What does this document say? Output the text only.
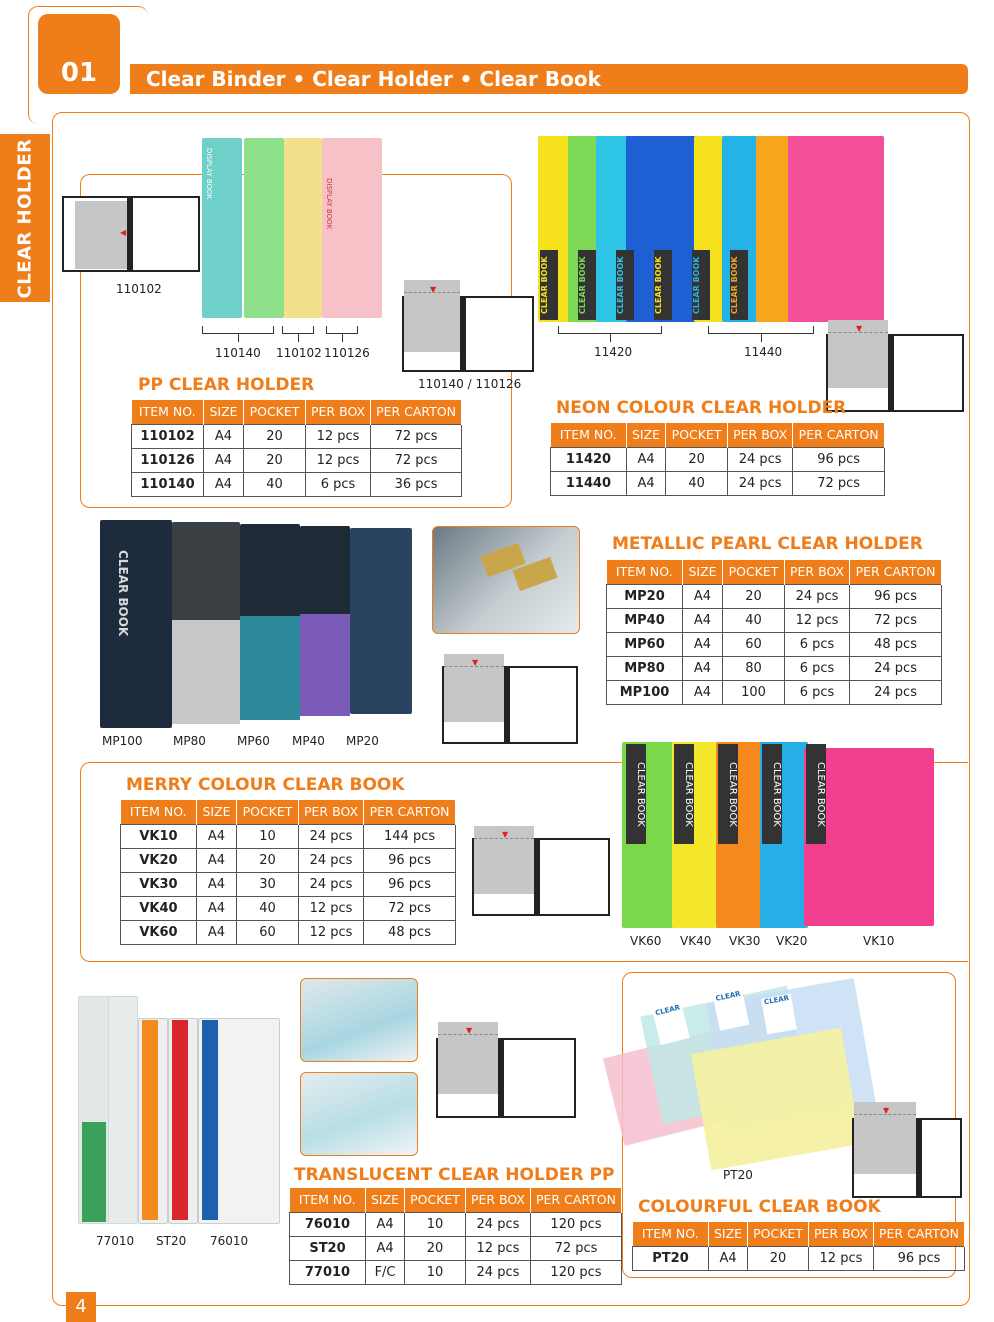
01	Clear Binder • Clear Holder • Clear Book
CLEAR HOLDER	◀
110102
DISPLAY BOOK
DISPLAY BOOK
110140 110102 110126
▼
110140 / 110126
PP CLEAR HOLDER
ITEM NO.	SIZE	POCKET	PER BOX	PER CARTON
110102	A4	20	12 pcs	72 pcs
110126	A4	20	12 pcs	72 pcs
110140	A4	40	6 pcs	36 pcs
CLEAR BOOK	CLEAR BOOK	CLEAR BOOK	CLEAR BOOK	CLEAR BOOK	CLEAR BOOK
11420	11440
▼
NEON COLOUR CLEAR HOLDER
ITEM NO.	SIZE	POCKET	PER BOX	PER CARTON
11420	A4	20	24 pcs	96 pcs
11440	A4	40	24 pcs	72 pcs
CLEAR BOOK
MP100	MP80	MP60 MP40 MP20
▼
METALLIC PEARL CLEAR HOLDER
ITEM NO.	SIZE	POCKET	PER BOX	PER CARTON
MP20	A4	20	24 pcs	96 pcs
MP40	A4	40	12 pcs	72 pcs
MP60	A4	60	6 pcs	48 pcs
MP80	A4	80	6 pcs	24 pcs
MP100	A4	100	6 pcs	24 pcs
MERRY COLOUR CLEAR BOOK
ITEM NO.	SIZE	POCKET	PER BOX	PER CARTON
VK10	A4	10	24 pcs	144 pcs
VK20	A4	20	24 pcs	96 pcs
VK30	A4	30	24 pcs	96 pcs
VK40	A4	40	12 pcs	72 pcs
VK60	A4	60	12 pcs	48 pcs
▼
CLEAR BOOK	CLEAR BOOK	CLEAR BOOK	CLEAR BOOK	CLEAR BOOK
VK60 VK40 VK30 VK20	VK10
77010 ST20 76010
▼
TRANSLUCENT CLEAR HOLDER PP
ITEM NO.	SIZE	POCKET	PER BOX	PER CARTON
76010	A4	10	24 pcs	120 pcs
ST20	A4	20	12 pcs	72 pcs
77010	F/C	10	24 pcs	120 pcs
CLEAR
CLEAR	CLEAR
▼
PT20
COLOURFUL CLEAR BOOK
ITEM NO.	SIZE	POCKET	PER BOX	PER CARTON
PT20	A4	20	12 pcs	96 pcs
4
